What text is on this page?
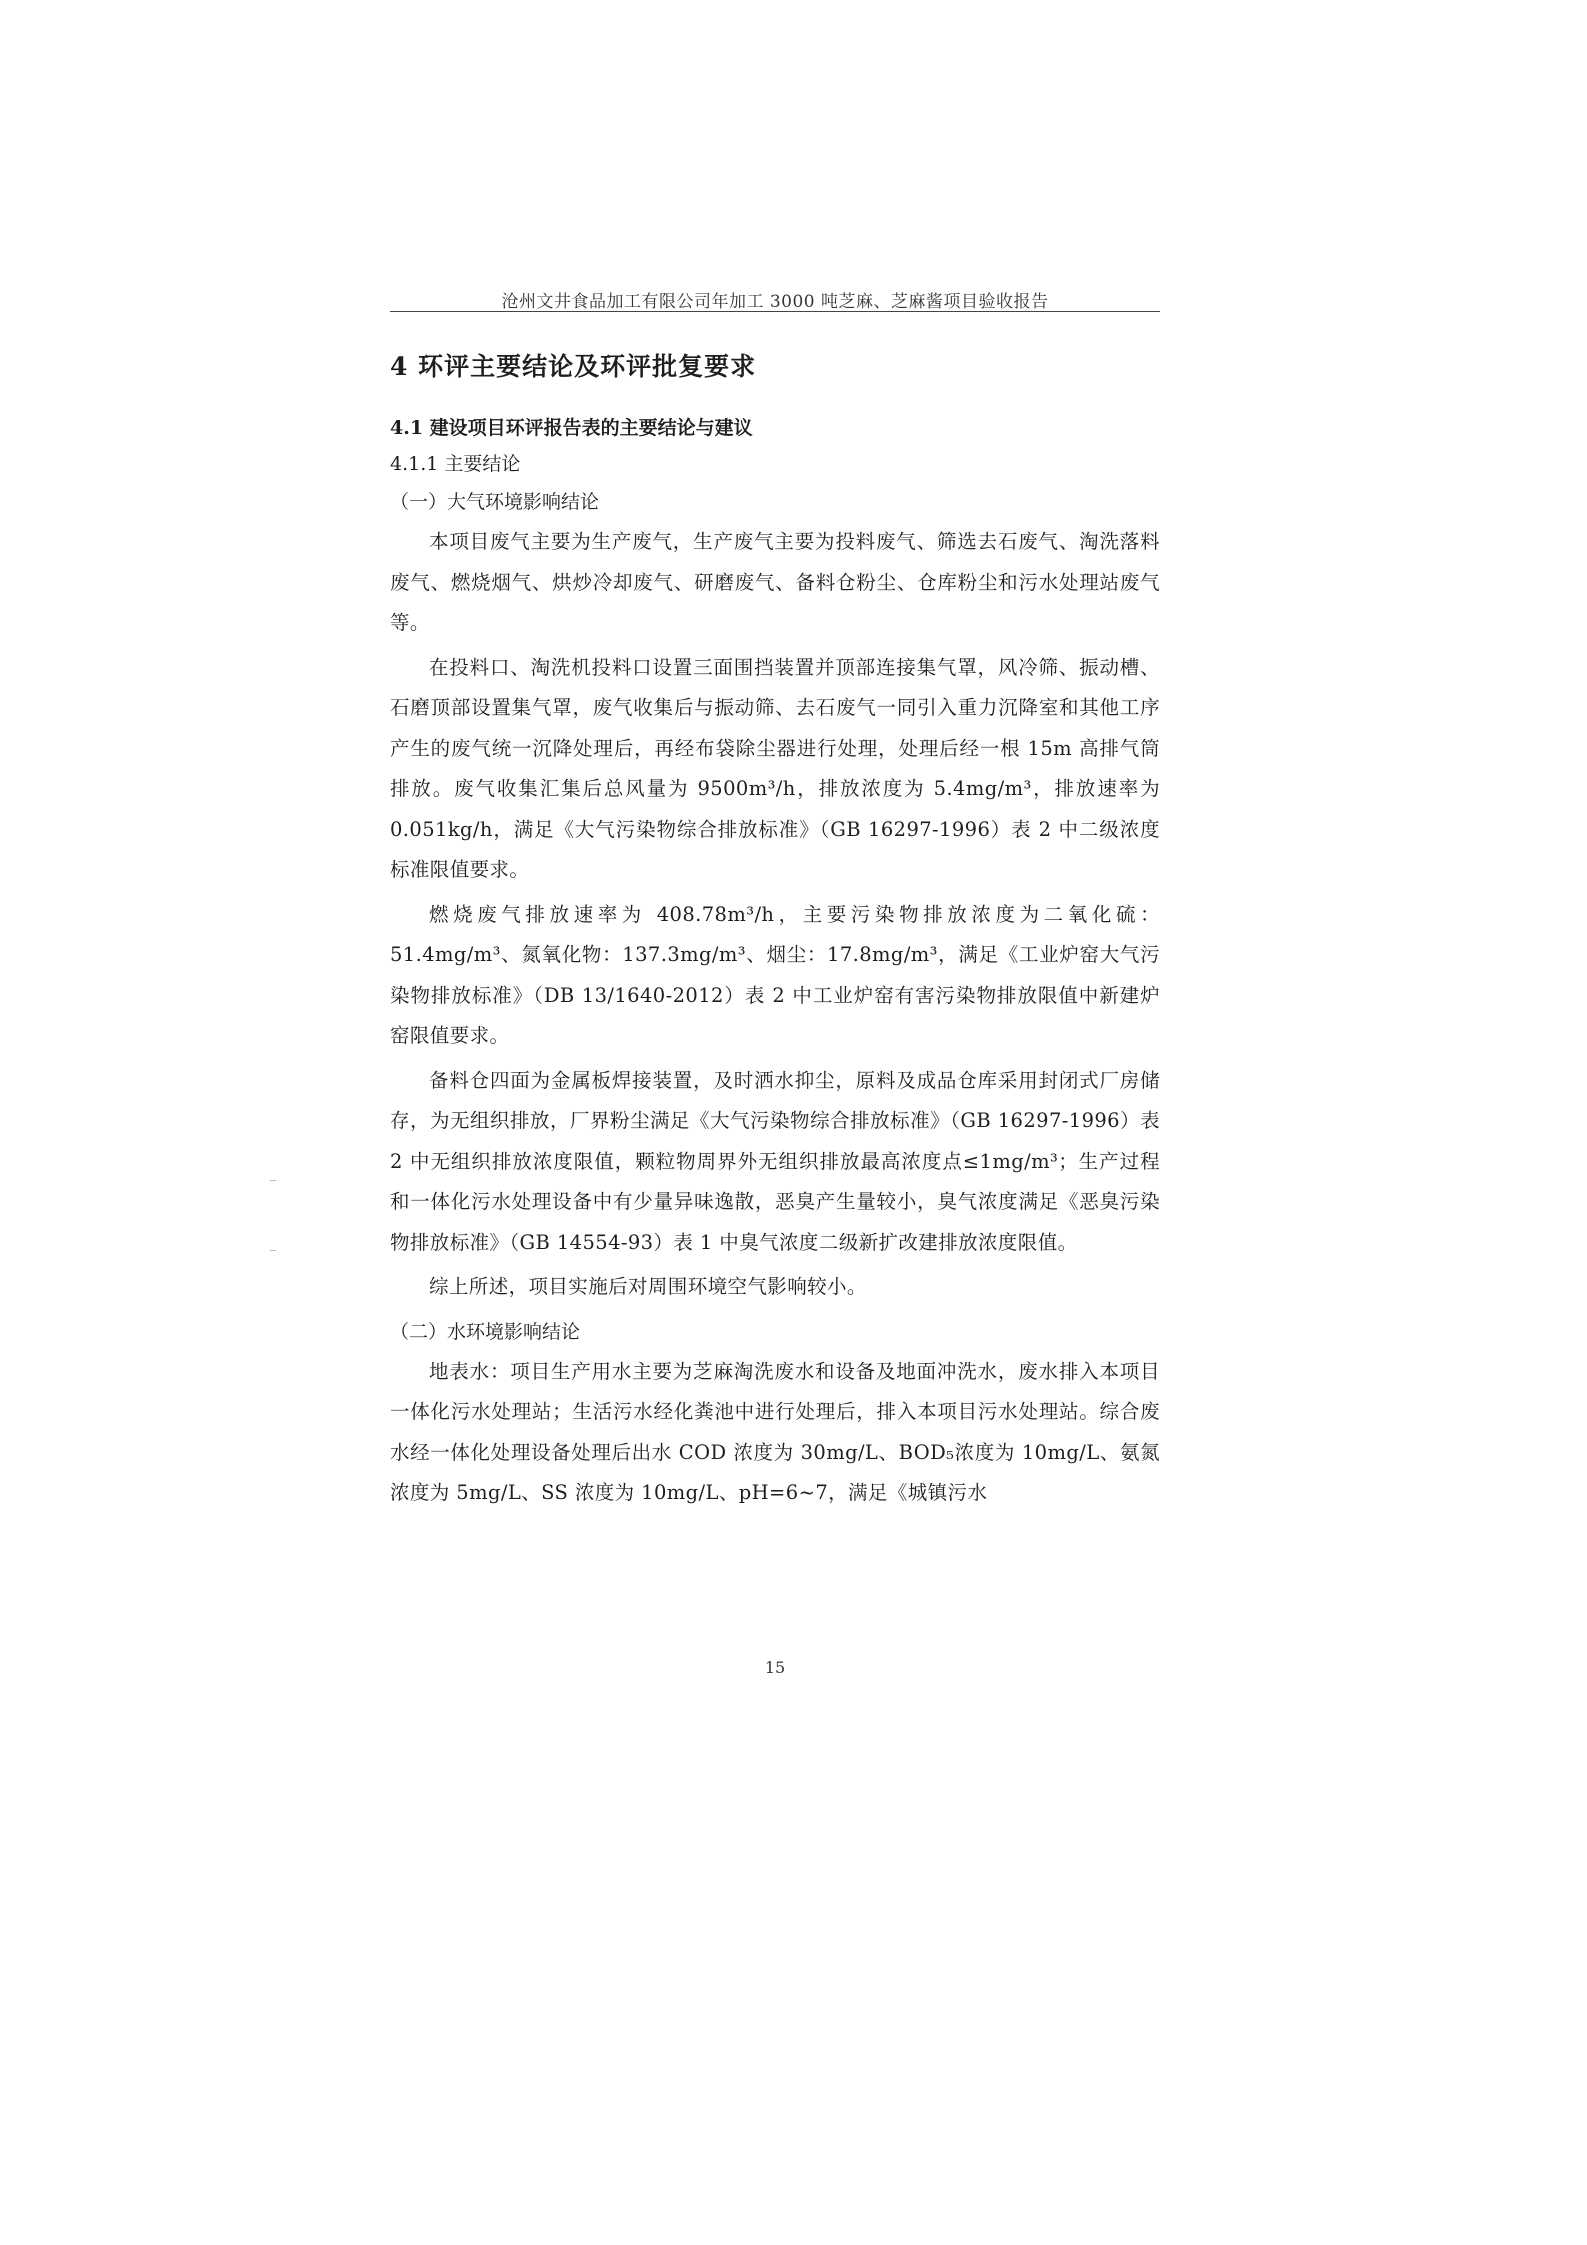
沧州文井食品加工有限公司年加工 3000 吨芝麻、芝麻酱项目验收报告
4 环评主要结论及环评批复要求
4.1 建设项目环评报告表的主要结论与建议
4.1.1 主要结论
（一）大气环境影响结论

本项目废气主要为生产废气，生产废气主要为投料废气、筛选去石废气、淘洗落料废气、燃烧烟气、烘炒冷却废气、研磨废气、备料仓粉尘、仓库粉尘和污水处理站废气等。

在投料口、淘洗机投料口设置三面围挡装置并顶部连接集气罩，风冷筛、振动槽、石磨顶部设置集气罩，废气收集后与振动筛、去石废气一同引入重力沉降室和其他工序产生的废气统一沉降处理后，再经布袋除尘器进行处理，处理后经一根 15m 高排气筒排放。废气收集汇集后总风量为 9500m³/h，排放浓度为 5.4mg/m³，排放速率为 0.051kg/h，满足《大气污染物综合排放标准》（GB 16297-1996）表 2 中二级浓度标准限值要求。

燃烧废气排放速率为 408.78m³/h，主要污染物排放浓度为二氧化硫：51.4mg/m³、氮氧化物：137.3mg/m³、烟尘：17.8mg/m³，满足《工业炉窑大气污染物排放标准》（DB 13/1640-2012）表 2 中工业炉窑有害污染物排放限值中新建炉窑限值要求。

备料仓四面为金属板焊接装置，及时洒水抑尘，原料及成品仓库采用封闭式厂房储存，为无组织排放，厂界粉尘满足《大气污染物综合排放标准》（GB 16297-1996）表 2 中无组织排放浓度限值，颗粒物周界外无组织排放最高浓度点≤1mg/m³；生产过程和一体化污水处理设备中有少量异味逸散，恶臭产生量较小，臭气浓度满足《恶臭污染物排放标准》（GB 14554-93）表 1 中臭气浓度二级新扩改建排放浓度限值。

综上所述，项目实施后对周围环境空气影响较小。

（二）水环境影响结论

地表水：项目生产用水主要为芝麻淘洗废水和设备及地面冲洗水，废水排入本项目一体化污水处理站；生活污水经化粪池中进行处理后，排入本项目污水处理站。综合废水经一体化处理设备处理后出水 COD 浓度为 30mg/L、BOD₅浓度为 10mg/L、氨氮浓度为 5mg/L、SS 浓度为 10mg/L、pH=6~7，满足《城镇污水

15
